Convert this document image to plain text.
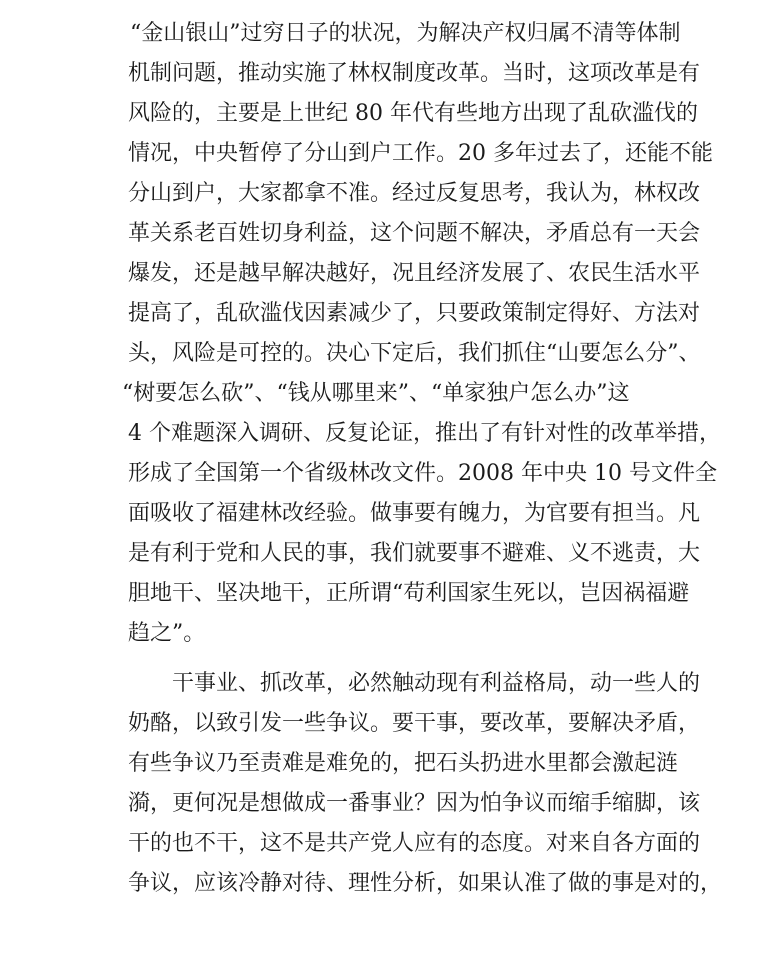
“金山银山”过穷日子的状况，为解决产权归属不清等体制
机制问题，推动实施了林权制度改革。当时，这项改革是有
风险的，主要是上世纪 80 年代有些地方出现了乱砍滥伐的
情况，中央暂停了分山到户工作。20 多年过去了，还能不能
分山到户，大家都拿不准。经过反复思考，我认为，林权改
革关系老百姓切身利益，这个问题不解决，矛盾总有一天会
爆发，还是越早解决越好，况且经济发展了、农民生活水平
提高了，乱砍滥伐因素减少了，只要政策制定得好、方法对
头，风险是可控的。决心下定后，我们抓住“山要怎么分”、
“树要怎么砍”、“钱从哪里来”、“单家独户怎么办”这
4 个难题深入调研、反复论证，推出了有针对性的改革举措，
形成了全国第一个省级林改文件。2008 年中央 10 号文件全
面吸收了福建林改经验。做事要有魄力，为官要有担当。凡
是有利于党和人民的事，我们就要事不避难、义不逃责，大
胆地干、坚决地干，正所谓“苟利国家生死以，岂因祸福避
趋之”。
干事业、抓改革，必然触动现有利益格局，动一些人的
奶酪，以致引发一些争议。要干事，要改革，要解决矛盾，
有些争议乃至责难是难免的，把石头扔进水里都会激起涟
漪，更何况是想做成一番事业？因为怕争议而缩手缩脚，该
干的也不干，这不是共产党人应有的态度。对来自各方面的
争议，应该冷静对待、理性分析，如果认准了做的事是对的，
